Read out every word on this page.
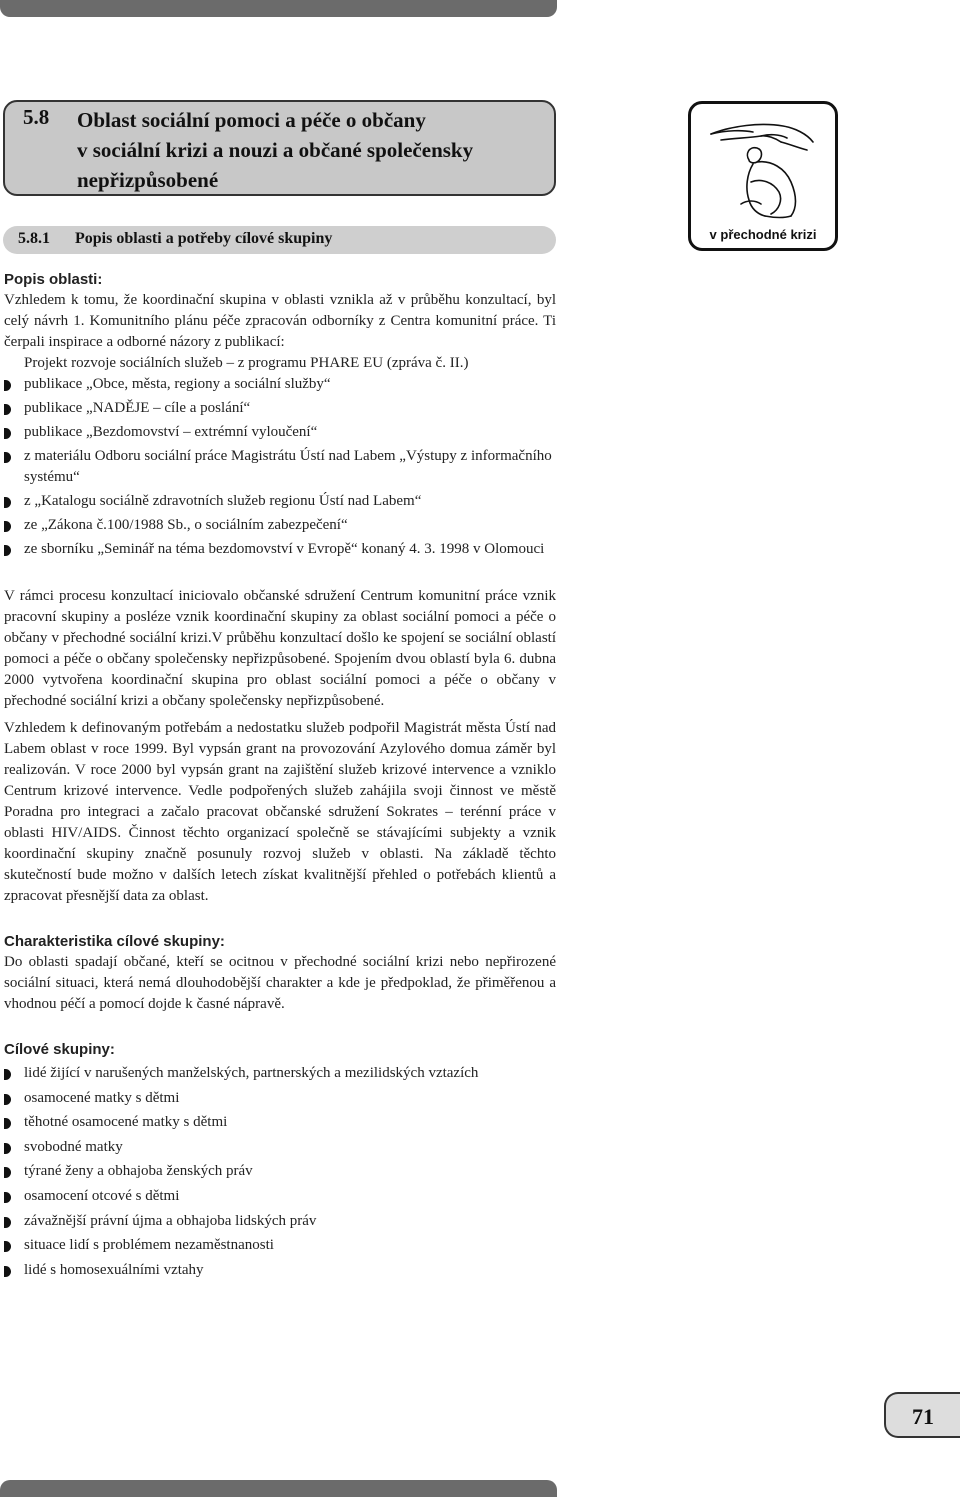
5.8 Oblast sociální pomoci a péče o občany
v sociální krizi a nouzi a občané společensky
nepřizpůsobené
5.8.1 Popis oblasti a potřeby cílové skupiny	v přechodné krizi
Popis oblasti:

Vzhledem k tomu, že koordinační skupina v oblasti vznikla až v průběhu konzultací, byl celý návrh 1. Komunitního plánu péče zpracován odborníky z Centra komunitní práce. Ti čerpali inspirace a odborné názory z publikací:

Projekt rozvoje sociálních služeb – z programu PHARE EU (zpráva č. II.)
publikace „Obce, města, regiony a sociální služby“
publikace „NADĚJE – cíle a poslání“
publikace „Bezdomovství – extrémní vyloučení“
z materiálu Odboru sociální práce Magistrátu Ústí nad Labem „Výstupy z informačního systému“
z „Katalogu sociálně zdravotních služeb regionu Ústí nad Labem“
ze „Zákona č.100/1988 Sb., o sociálním zabezpečení“
ze sborníku „Seminář na téma bezdomovství v Evropě“ konaný 4. 3. 1998 v Olomouci

V rámci procesu konzultací iniciovalo občanské sdružení Centrum komunitní práce vznik pracovní skupiny a posléze vznik koordinační skupiny za oblast sociální pomoci a péče o občany v přechodné sociální krizi.V průběhu konzultací došlo ke spojení se sociální oblastí pomoci a péče o občany společensky nepřizpůsobené. Spojením dvou oblastí byla 6. dubna 2000 vytvořena koordinační skupina pro oblast sociální pomoci a péče o občany v přechodné sociální krizi a občany společensky nepřizpůsobené.

Vzhledem k definovaným potřebám a nedostatku služeb podpořil Magistrát města Ústí nad Labem oblast v roce 1999. Byl vypsán grant na provozování Azylového domua záměr byl realizován. V roce 2000 byl vypsán grant na zajištění služeb krizové intervence a vzniklo Centrum krizové intervence. Vedle podpořených služeb zahájila svoji činnost ve městě Poradna pro integraci a začalo pracovat občanské sdružení Sokrates – terénní práce v oblasti HIV/AIDS. Činnost těchto organizací společně se stávajícími subjekty a vznik koordinační skupiny značně posunuly rozvoj služeb v oblasti. Na základě těchto skutečností bude možno v dalších letech získat kvalitnější přehled o potřebách klientů a zpracovat přesnější data za oblast.

Charakteristika cílové skupiny:

Do oblasti spadají občané, kteří se ocitnou v přechodné sociální krizi nebo nepřirozené sociální situaci, která nemá dlouhodobější charakter a kde je předpoklad, že přiměřenou a vhodnou péčí a pomocí dojde k časné nápravě.

Cílové skupiny:
lidé žijící v narušených manželských, partnerských a mezilidských vztazích
osamocené matky s dětmi
těhotné osamocené matky s dětmi
svobodné matky
týrané ženy a obhajoba ženských práv
osamocení otcové s dětmi
závažnější právní újma a obhajoba lidských práv
situace lidí s problémem nezaměstnanosti
lidé s homosexuálními vztahy
71
